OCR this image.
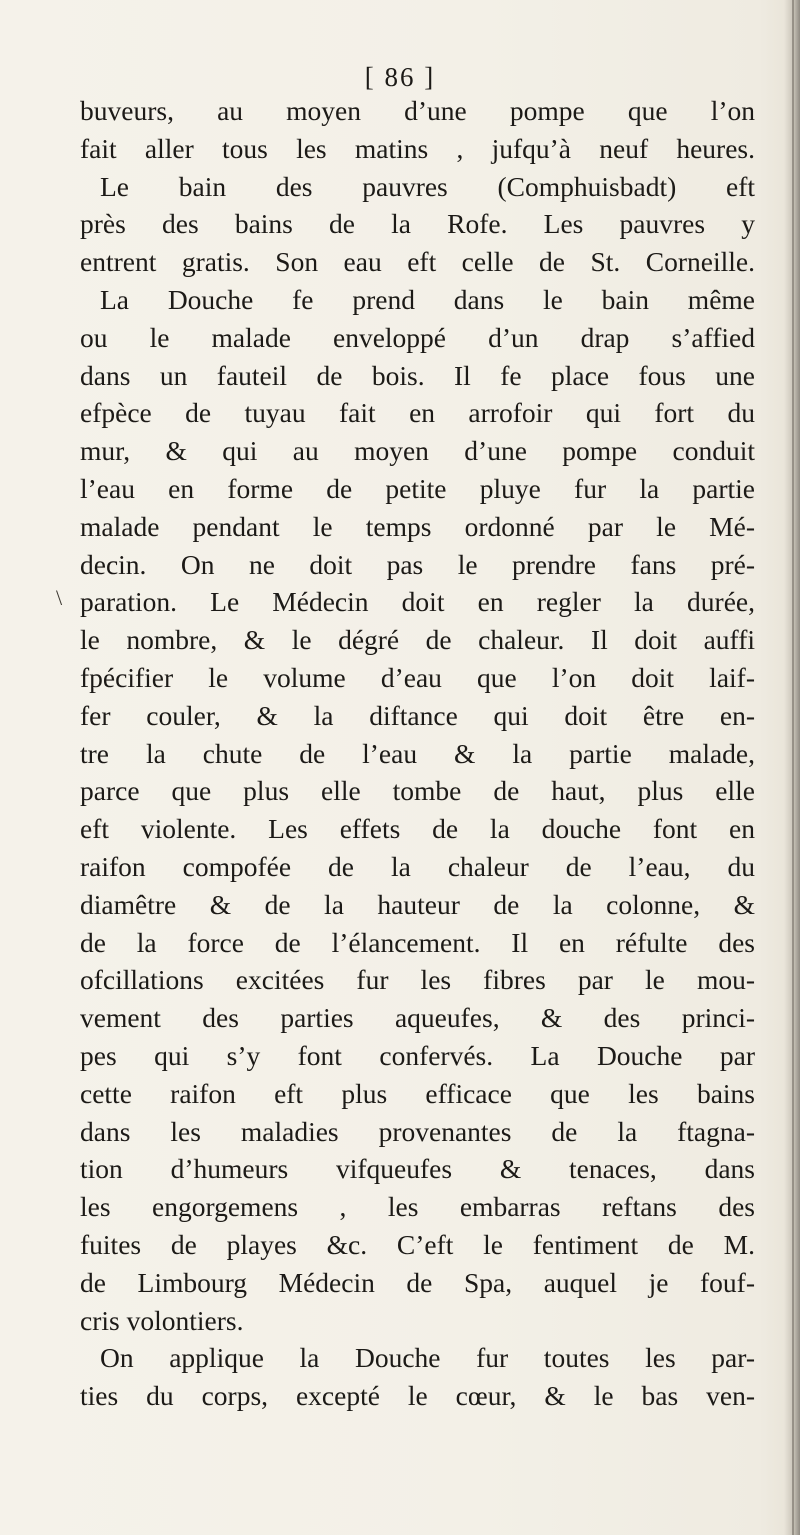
[ 86 ]
\
buveurs, au moyen d’une pompe que l’on
fait aller tous les matins , jufqu’à neuf heures.
Le bain des pauvres (Comphuisbadt) eft
près des bains de la Rofe. Les pauvres y
entrent gratis. Son eau eft celle de St. Corneille.
La Douche fe prend dans le bain même
ou le malade enveloppé d’un drap s’affied
dans un fauteil de bois. Il fe place fous une
efpèce de tuyau fait en arrofoir qui fort du
mur, & qui au moyen d’une pompe conduit
l’eau en forme de petite pluye fur la partie
malade pendant le temps ordonné par le Mé-
decin. On ne doit pas le prendre fans pré-
paration. Le Médecin doit en regler la durée,
le nombre, & le dégré de chaleur. Il doit auffi
fpécifier le volume d’eau que l’on doit laif-
fer couler, & la diftance qui doit être en-
tre la chute de l’eau & la partie malade,
parce que plus elle tombe de haut, plus elle
eft violente. Les effets de la douche font en
raifon compofée de la chaleur de l’eau, du
diamêtre & de la hauteur de la colonne, &
de la force de l’élancement. Il en réfulte des
ofcillations excitées fur les fibres par le mou-
vement des parties aqueufes, & des princi-
pes qui s’y font confervés. La Douche par
cette raifon eft plus efficace que les bains
dans les maladies provenantes de la ftagna-
tion d’humeurs vifqueufes & tenaces, dans
les engorgemens , les embarras reftans des
fuites de playes &c. C’eft le fentiment de M.
de Limbourg Médecin de Spa, auquel je fouf-
cris volontiers.
On applique la Douche fur toutes les par-
ties du corps, excepté le cœur, & le bas ven-
